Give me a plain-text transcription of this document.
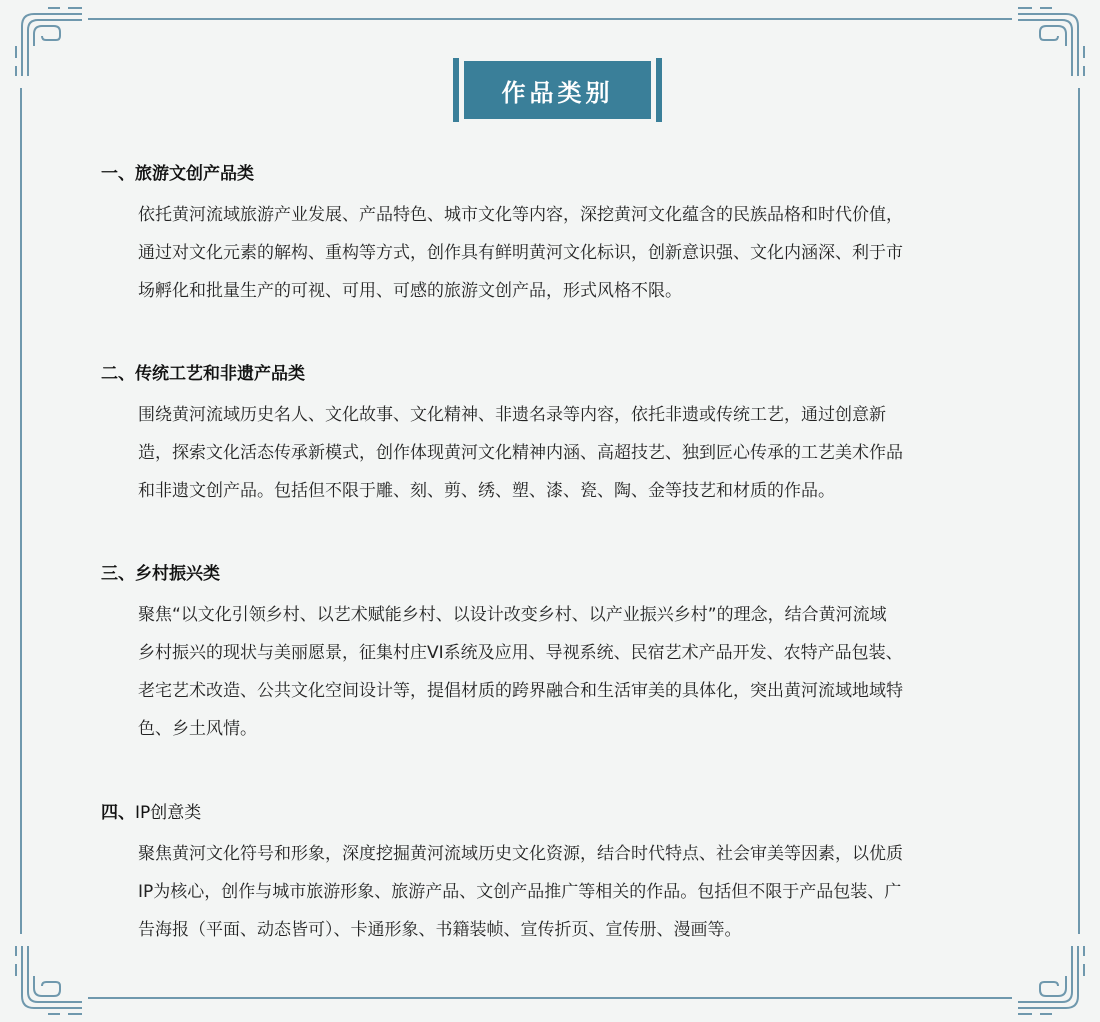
作品类别
一、旅游文创产品类
依托黄河流域旅游产业发展、产品特色、城市文化等内容，深挖黄河文化蕴含的民族品格和时代价值，
通过对文化元素的解构、重构等方式，创作具有鲜明黄河文化标识，创新意识强、文化内涵深、利于市
场孵化和批量生产的可视、可用、可感的旅游文创产品，形式风格不限。
二、传统工艺和非遗产品类
围绕黄河流域历史名人、文化故事、文化精神、非遗名录等内容，依托非遗或传统工艺，通过创意新
造，探索文化活态传承新模式，创作体现黄河文化精神内涵、高超技艺、独到匠心传承的工艺美术作品
和非遗文创产品。包括但不限于雕、刻、剪、绣、塑、漆、瓷、陶、金等技艺和材质的作品。
三、乡村振兴类
聚焦“以文化引领乡村、以艺术赋能乡村、以设计改变乡村、以产业振兴乡村”的理念，结合黄河流域
乡村振兴的现状与美丽愿景，征集村庄VI系统及应用、导视系统、民宿艺术产品开发、农特产品包装、
老宅艺术改造、公共文化空间设计等，提倡材质的跨界融合和生活审美的具体化，突出黄河流域地域特
色、乡土风情。
四、IP创意类
聚焦黄河文化符号和形象，深度挖掘黄河流域历史文化资源，结合时代特点、社会审美等因素，以优质
IP为核心，创作与城市旅游形象、旅游产品、文创产品推广等相关的作品。包括但不限于产品包装、广
告海报（平面、动态皆可）、卡通形象、书籍装帧、宣传折页、宣传册、漫画等。
